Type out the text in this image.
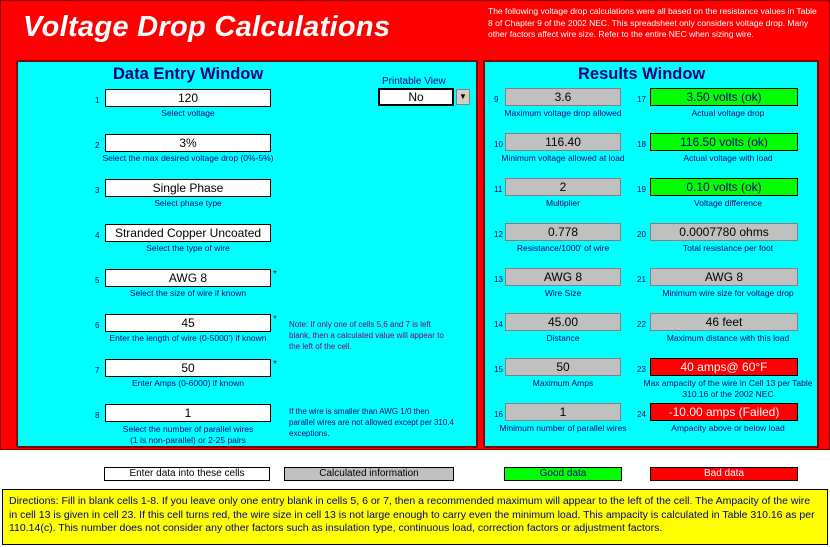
Voltage Drop Calculations	The following voltage drop calculations were all based on the resistance values in Table 8 of Chapter 9 of the 2002 NEC. This spreadsheet only considers voltage drop. Many other factors affect wire size. Refer to the entire NEC when sizing wire.
Data Entry Window	Printable View
No	▼
1	120
Select voltage
2	3%
Select the max desired voltage drop (0%-5%)
3	Single Phase
Select phase type
4	Stranded Copper Uncoated
Select the type of wire
5	AWG 8	*
Select the size of wire if known
6	45	*
Enter the length of wire (0-5000') if known
7	50	*
Enter Amps (0-6000) if known
8	1
Select the number of parallel wires
(1 is non-parallel) or 2-25 pairs
Note: If only one of cells 5,6 and 7 is left
blank, then a calculated value will appear to
the left of the cell.
If the wire is smaller than AWG 1/0 then
parallel wires are not allowed except per 310.4
exceptions.
Results Window
9	3.6
Maximum voltage drop allowed
10	116.40
Minimum voltage allowed at load
11	2
Multiplier
12	0.778
Resistance/1000' of wire
13	AWG 8
Wire Size
14	45.00
Distance
15	50
Maximum Amps
16	1
Minimum number of parallel wires
17	3.50 volts (ok)
Actual voltage drop
18	116.50 volts (ok)
Actual voltage with load
19	0.10 volts (ok)
Voltage difference
20	0.0007780 ohms
Total resistance per foot
21	AWG 8
Minimum wire size for voltage drop
22	46 feet
Maximum distance with this load
23	40 amps@ 60°F
Max ampacity of the wire in Cell 13 per Table
310.16 of the 2002 NEC
24	-10.00 amps (Failed)
Ampacity above or below load
Enter data into these cells	Calculated information	Good data	Bad data
Directions: Fill in blank cells 1-8. If you leave only one entry blank in cells 5, 6 or 7, then a recommended maximum will appear to the left of the cell. The Ampacity of the wire in cell 13 is given in cell 23. If this cell turns red, the wire size in cell 13 is not large enough to carry even the minimum load. This ampacity is calculated in Table 310.16 as per 110.14(c). This number does not consider any other factors such as insulation type, continuous load, correction factors or adjustment factors.
